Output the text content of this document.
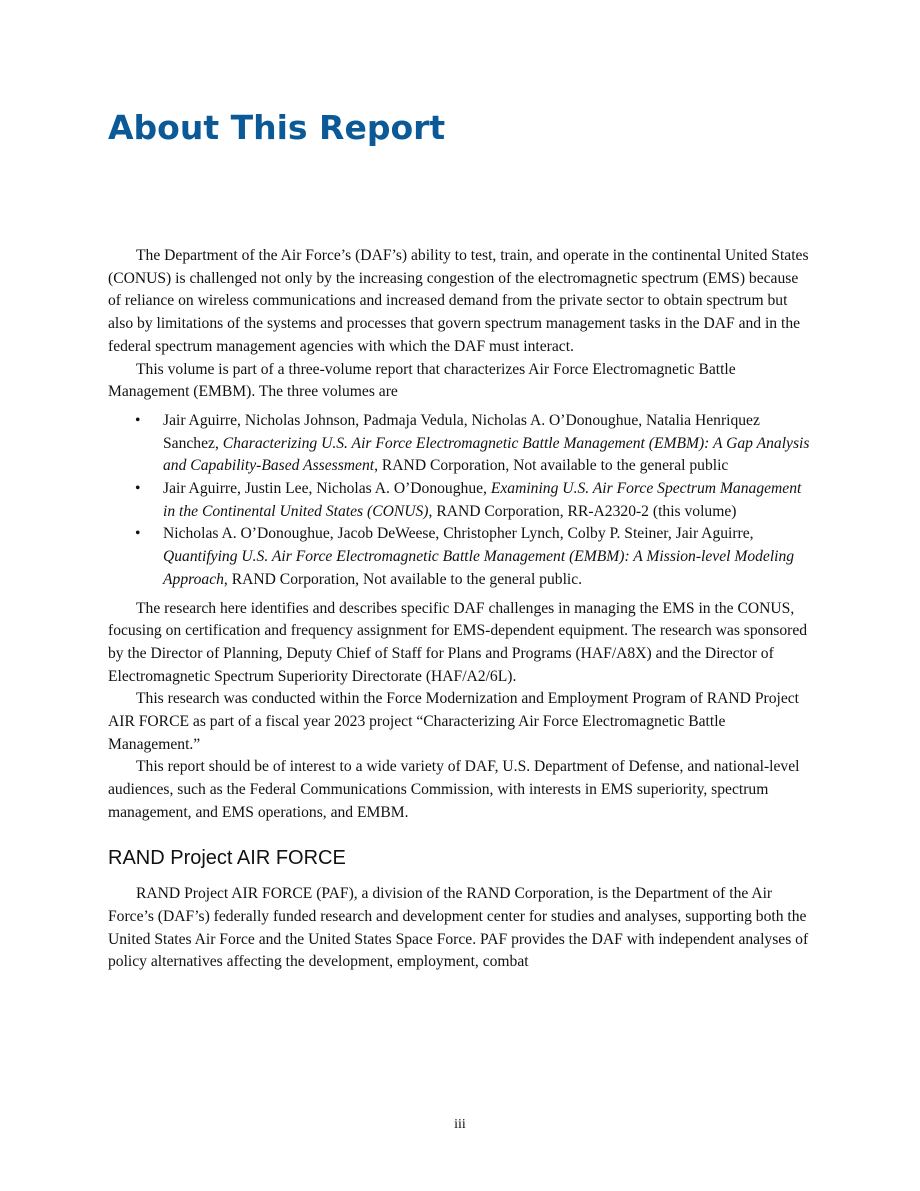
About This Report

The Department of the Air Force’s (DAF’s) ability to test, train, and operate in the continental United States (CONUS) is challenged not only by the increasing congestion of the electromagnetic spectrum (EMS) because of reliance on wireless communications and increased demand from the private sector to obtain spectrum but also by limitations of the systems and processes that govern spectrum management tasks in the DAF and in the federal spectrum management agencies with which the DAF must interact.

This volume is part of a three-volume report that characterizes Air Force Electromagnetic Battle Management (EMBM). The three volumes are

• Jair Aguirre, Nicholas Johnson, Padmaja Vedula, Nicholas A. O’Donoughue, Natalia Henriquez Sanchez, Characterizing U.S. Air Force Electromagnetic Battle Management (EMBM): A Gap Analysis and Capability-Based Assessment, RAND Corporation, Not available to the general public
• Jair Aguirre, Justin Lee, Nicholas A. O’Donoughue, Examining U.S. Air Force Spectrum Management in the Continental United States (CONUS), RAND Corporation, RR-A2320-2 (this volume)
• Nicholas A. O’Donoughue, Jacob DeWeese, Christopher Lynch, Colby P. Steiner, Jair Aguirre, Quantifying U.S. Air Force Electromagnetic Battle Management (EMBM): A Mission-level Modeling Approach, RAND Corporation, Not available to the general public.

The research here identifies and describes specific DAF challenges in managing the EMS in the CONUS, focusing on certification and frequency assignment for EMS-dependent equipment. The research was sponsored by the Director of Planning, Deputy Chief of Staff for Plans and Programs (HAF/A8X) and the Director of Electromagnetic Spectrum Superiority Directorate (HAF/A2/6L).

This research was conducted within the Force Modernization and Employment Program of RAND Project AIR FORCE as part of a fiscal year 2023 project “Characterizing Air Force Electromagnetic Battle Management.”

This report should be of interest to a wide variety of DAF, U.S. Department of Defense, and national-level audiences, such as the Federal Communications Commission, with interests in EMS superiority, spectrum management, and EMS operations, and EMBM.

RAND Project AIR FORCE

RAND Project AIR FORCE (PAF), a division of the RAND Corporation, is the Department of the Air Force’s (DAF’s) federally funded research and development center for studies and analyses, supporting both the United States Air Force and the United States Space Force. PAF provides the DAF with independent analyses of policy alternatives affecting the development, employment, combat

iii
